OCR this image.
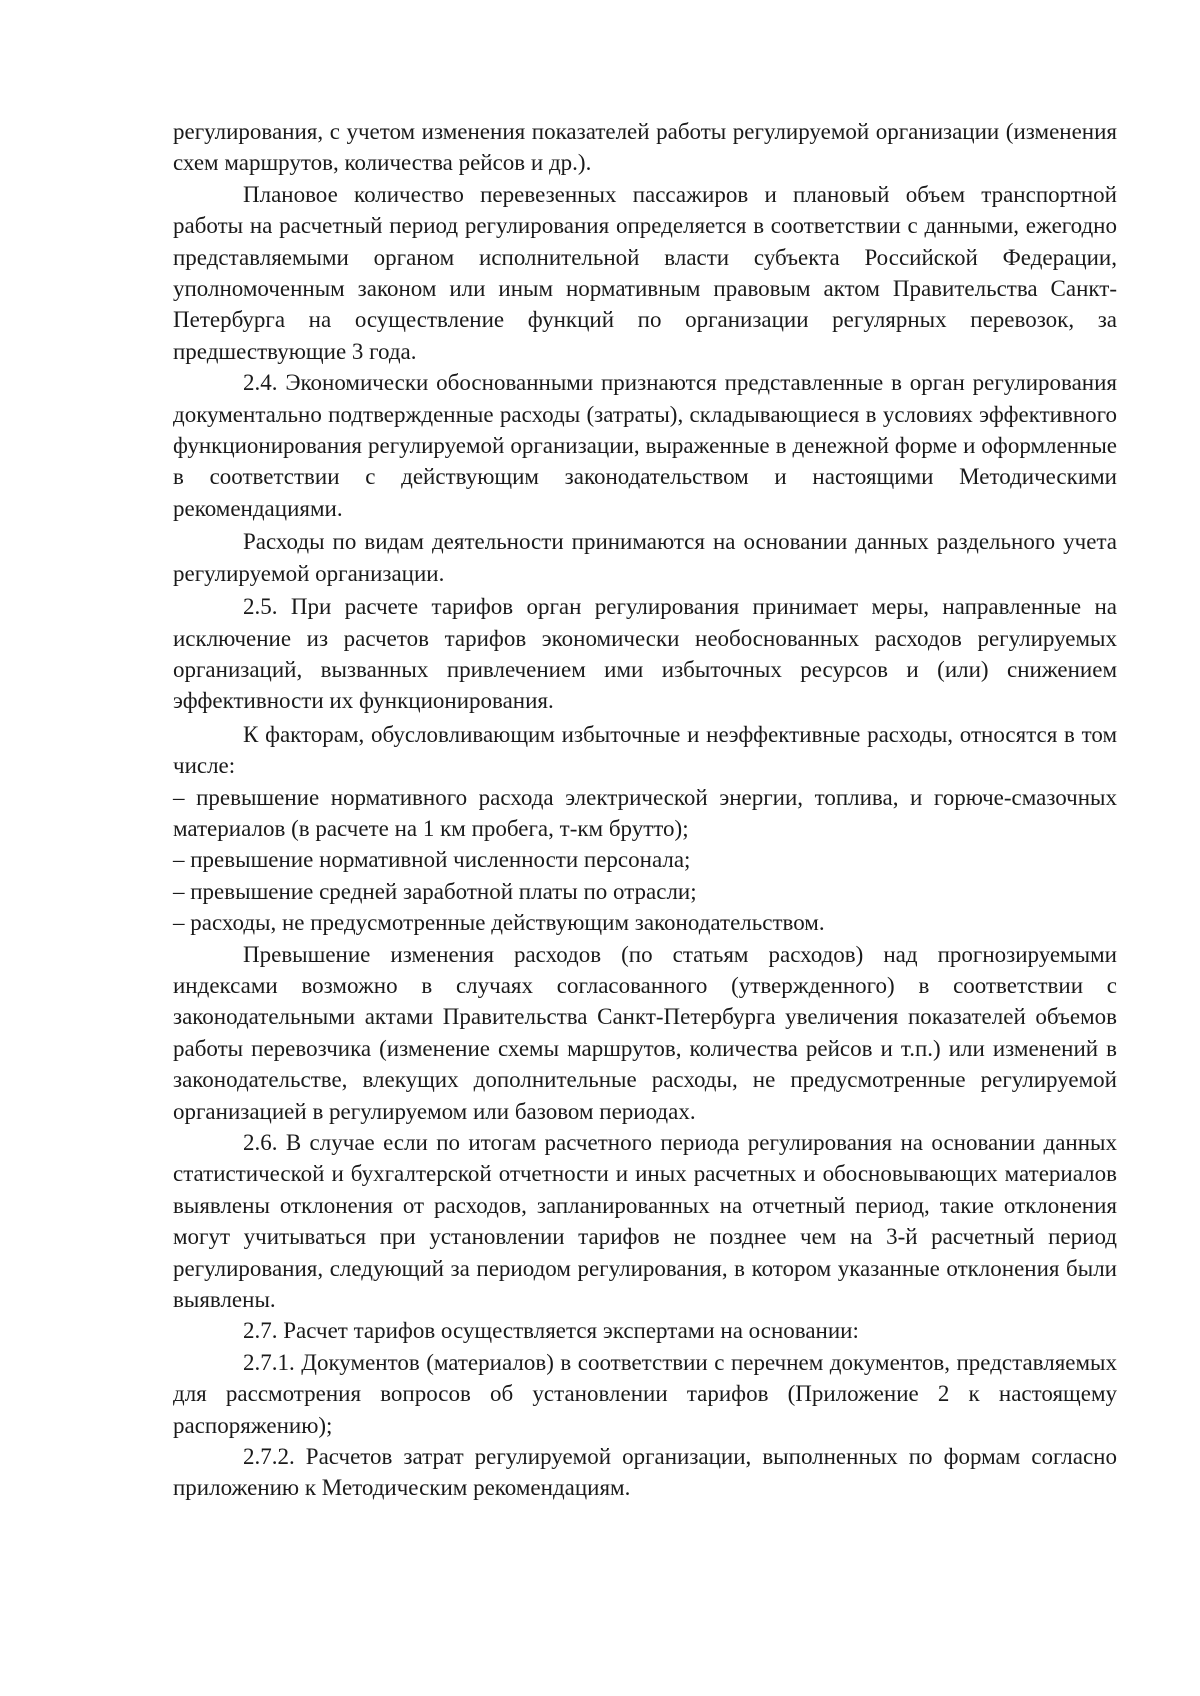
регулирования, с учетом изменения показателей работы регулируемой организации (изменения схем маршрутов, количества рейсов и др.).

Плановое количество перевезенных пассажиров и плановый объем транспортной работы на расчетный период регулирования определяется в соответствии с данными, ежегодно представляемыми органом исполнительной власти субъекта Российской Федерации, уполномоченным законом или иным нормативным правовым актом Правительства Санкт-Петербурга на осуществление функций по организации регулярных перевозок, за предшествующие 3 года.

2.4. Экономически обоснованными признаются представленные в орган регулирования документально подтвержденные расходы (затраты), складывающиеся в условиях эффективного функционирования регулируемой организации, выраженные в денежной форме и оформленные в соответствии с действующим законодательством и настоящими Методическими рекомендациями.

Расходы по видам деятельности принимаются на основании данных раздельного учета регулируемой организации.

2.5. При расчете тарифов орган регулирования принимает меры, направленные на исключение из расчетов тарифов экономически необоснованных расходов регулируемых организаций, вызванных привлечением ими избыточных ресурсов и (или) снижением эффективности их функционирования.

К факторам, обусловливающим избыточные и неэффективные расходы, относятся в том числе:

– превышение нормативного расхода электрической энергии, топлива, и горюче-смазочных материалов (в расчете на 1 км пробега, т-км брутто);

– превышение нормативной численности персонала;

– превышение средней заработной платы по отрасли;

– расходы, не предусмотренные действующим законодательством.

Превышение изменения расходов (по статьям расходов) над прогнозируемыми индексами возможно в случаях согласованного (утвержденного) в соответствии с законодательными актами Правительства Санкт-Петербурга увеличения показателей объемов работы перевозчика (изменение схемы маршрутов, количества рейсов и т.п.) или изменений в законодательстве, влекущих дополнительные расходы, не предусмотренные регулируемой организацией в регулируемом или базовом периодах.

2.6. В случае если по итогам расчетного периода регулирования на основании данных статистической и бухгалтерской отчетности и иных расчетных и обосновывающих материалов выявлены отклонения от расходов, запланированных на отчетный период, такие отклонения могут учитываться при установлении тарифов не позднее чем на 3-й расчетный период регулирования, следующий за периодом регулирования, в котором указанные отклонения были выявлены.

2.7. Расчет тарифов осуществляется экспертами на основании:

2.7.1. Документов (материалов) в соответствии с перечнем документов, представляемых для рассмотрения вопросов об установлении тарифов (Приложение 2 к настоящему распоряжению);

2.7.2. Расчетов затрат регулируемой организации, выполненных по формам согласно приложению к Методическим рекомендациям.
